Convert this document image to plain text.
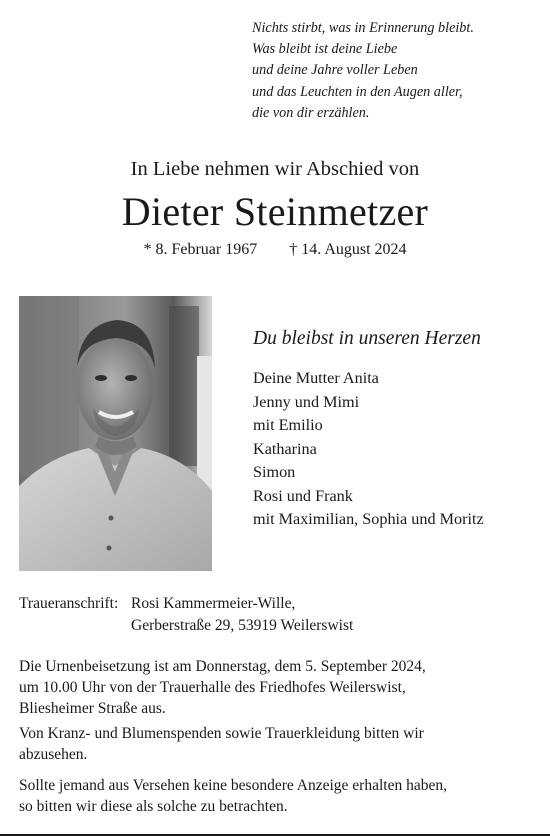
Nichts stirbt, was in Erinnerung bleibt.
Was bleibt ist deine Liebe
und deine Jahre voller Leben
und das Leuchten in den Augen aller,
die von dir erzählen.
In Liebe nehmen wir Abschied von
Dieter Steinmetzer
* 8. Februar 1967 † 14. August 2024
Du bleibst in unseren Herzen
Deine Mutter Anita
Jenny und Mimi
mit Emilio
Katharina
Simon
Rosi und Frank
mit Maximilian, Sophia und Moritz
Traueranschrift: Rosi Kammermeier-Wille,
Gerberstraße 29, 53919 Weilerswist
Die Urnenbeisetzung ist am Donnerstag, dem 5. September 2024,
um 10.00 Uhr von der Trauerhalle des Friedhofes Weilerswist,
Bliesheimer Straße aus.
Von Kranz- und Blumenspenden sowie Trauerkleidung bitten wir
abzusehen.
Sollte jemand aus Versehen keine besondere Anzeige erhalten haben,
so bitten wir diese als solche zu betrachten.
